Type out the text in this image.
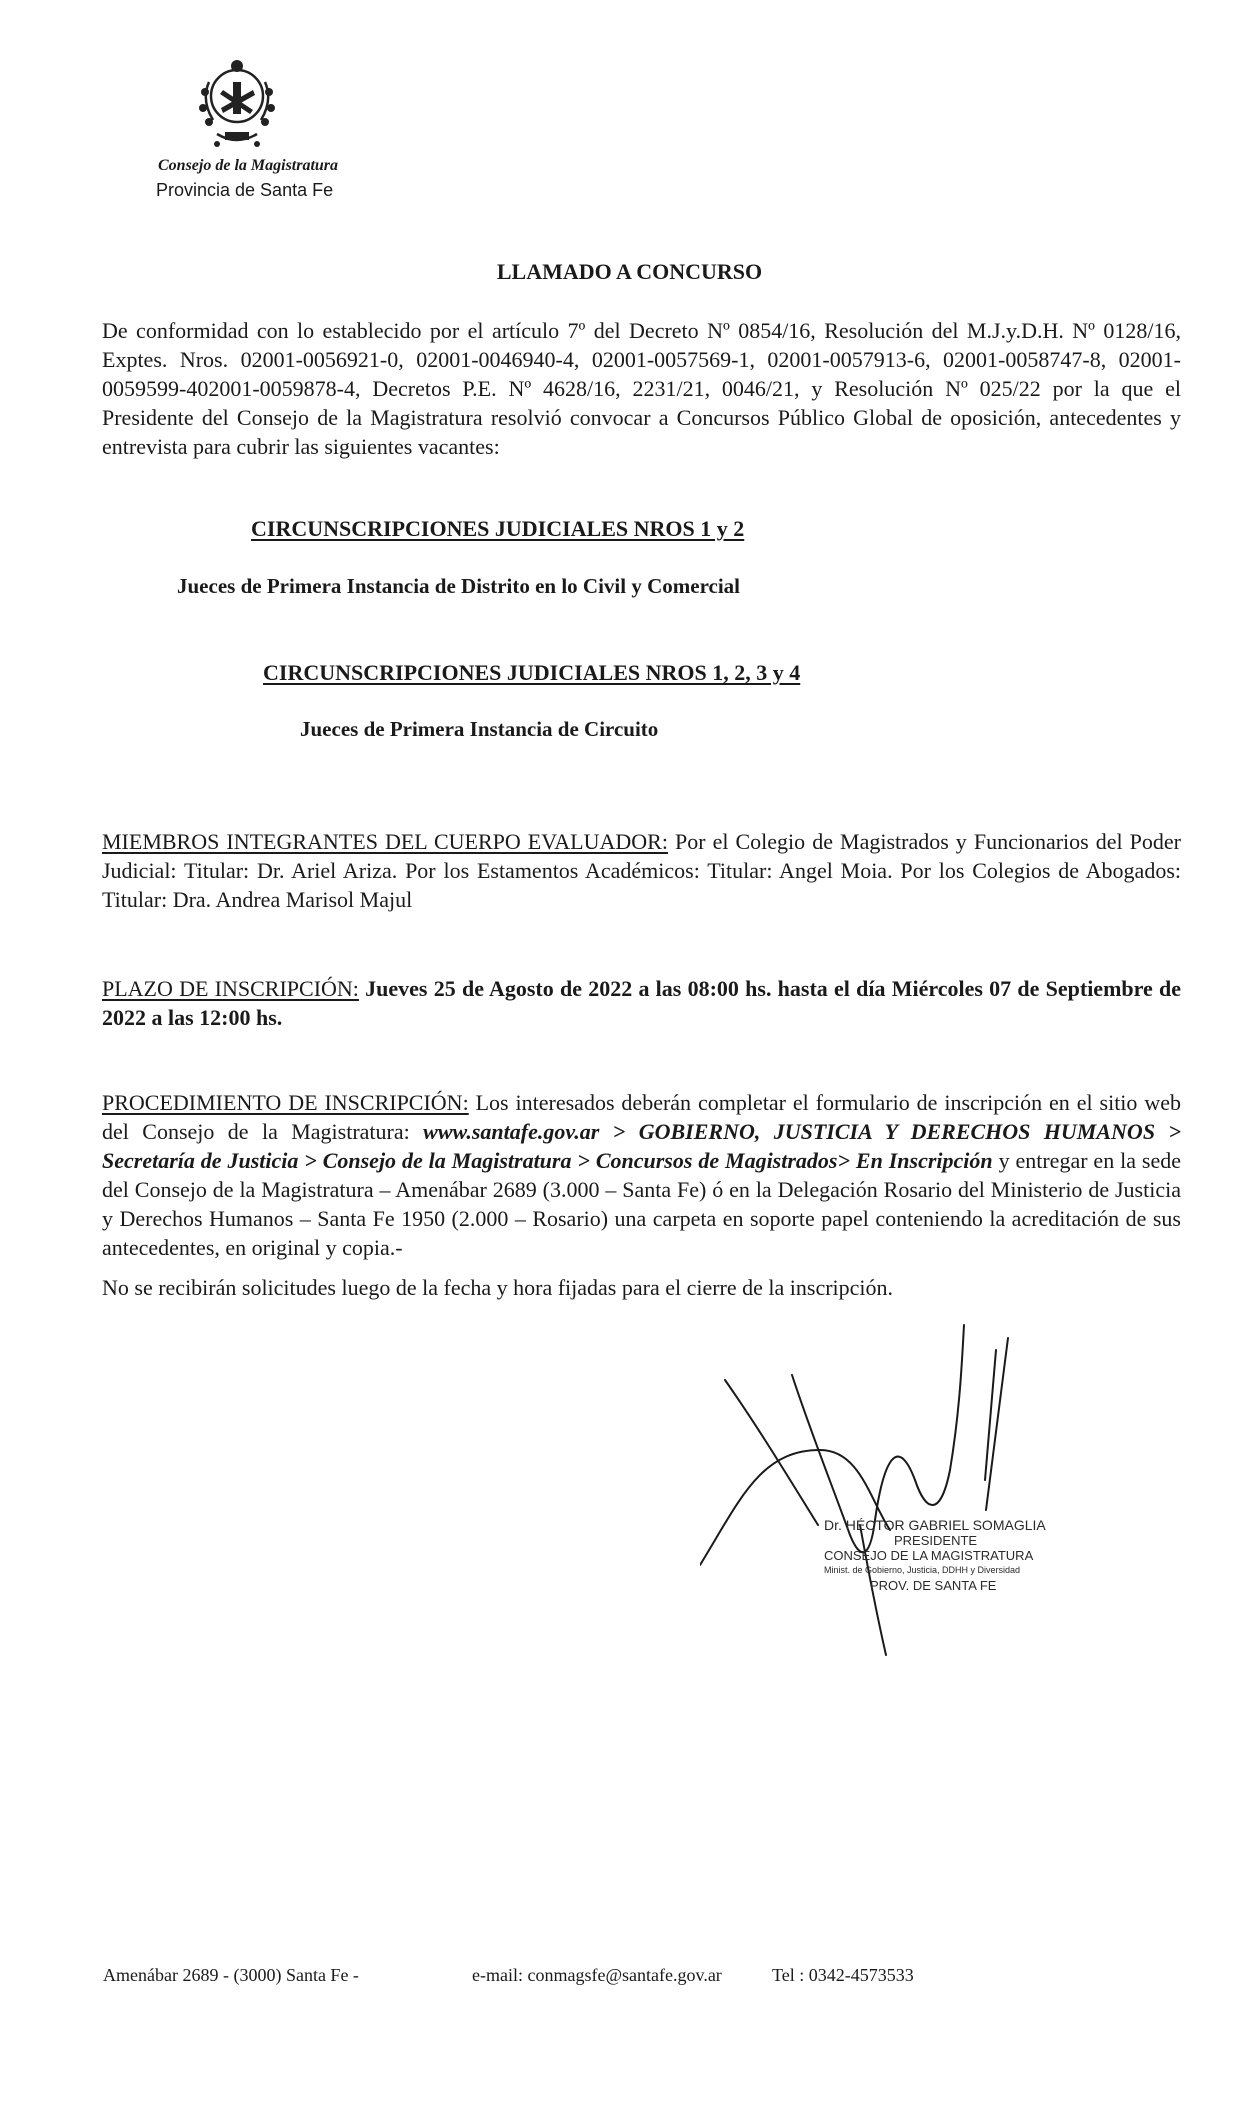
Consejo de la Magistratura
Provincia de Santa Fe
LLAMADO A CONCURSO
De conformidad con lo establecido por el artículo 7º del Decreto Nº 0854/16, Resolución del M.J.y.D.H. Nº 0128/16, Exptes. Nros. 02001-0056921-0, 02001-0046940-4, 02001-0057569-1, 02001-0057913-6, 02001-0058747-8, 02001-0059599-402001-0059878-4, Decretos P.E. Nº 4628/16, 2231/21, 0046/21, y Resolución Nº 025/22 por la que el Presidente del Consejo de la Magistratura resolvió convocar a Concursos Público Global de oposición, antecedentes y entrevista para cubrir las siguientes vacantes:
CIRCUNSCRIPCIONES JUDICIALES NROS 1 y 2
Jueces de Primera Instancia de Distrito en lo Civil y Comercial
CIRCUNSCRIPCIONES JUDICIALES NROS 1, 2, 3 y 4
Jueces de Primera Instancia de Circuito
MIEMBROS INTEGRANTES DEL CUERPO EVALUADOR: Por el Colegio de Magistrados y Funcionarios del Poder Judicial: Titular: Dr. Ariel Ariza. Por los Estamentos Académicos: Titular: Angel Moia. Por los Colegios de Abogados: Titular: Dra. Andrea Marisol Majul
PLAZO DE INSCRIPCIÓN: Jueves 25 de Agosto de 2022 a las 08:00 hs. hasta el día Miércoles 07 de Septiembre de 2022 a las 12:00 hs.
PROCEDIMIENTO DE INSCRIPCIÓN: Los interesados deberán completar el formulario de inscripción en el sitio web del Consejo de la Magistratura: www.santafe.gov.ar > GOBIERNO, JUSTICIA Y DERECHOS HUMANOS > Secretaría de Justicia > Consejo de la Magistratura > Concursos de Magistrados> En Inscripción y entregar en la sede del Consejo de la Magistratura – Amenábar 2689 (3.000 – Santa Fe) ó en la Delegación Rosario del Ministerio de Justicia y Derechos Humanos – Santa Fe 1950 (2.000 – Rosario) una carpeta en soporte papel conteniendo la acreditación de sus antecedentes, en original y copia.-
No se recibirán solicitudes luego de la fecha y hora fijadas para el cierre de la inscripción.
Dr. HÉCTOR GABRIEL SOMAGLIA
PRESIDENTE
CONSEJO DE LA MAGISTRATURA
Minist. de Gobierno, Justicia, DDHH y Diversidad
PROV. DE SANTA FE
Amenábar 2689 - (3000) Santa Fe -	e-mail: conmagsfe@santafe.gov.ar	Tel : 0342-4573533
